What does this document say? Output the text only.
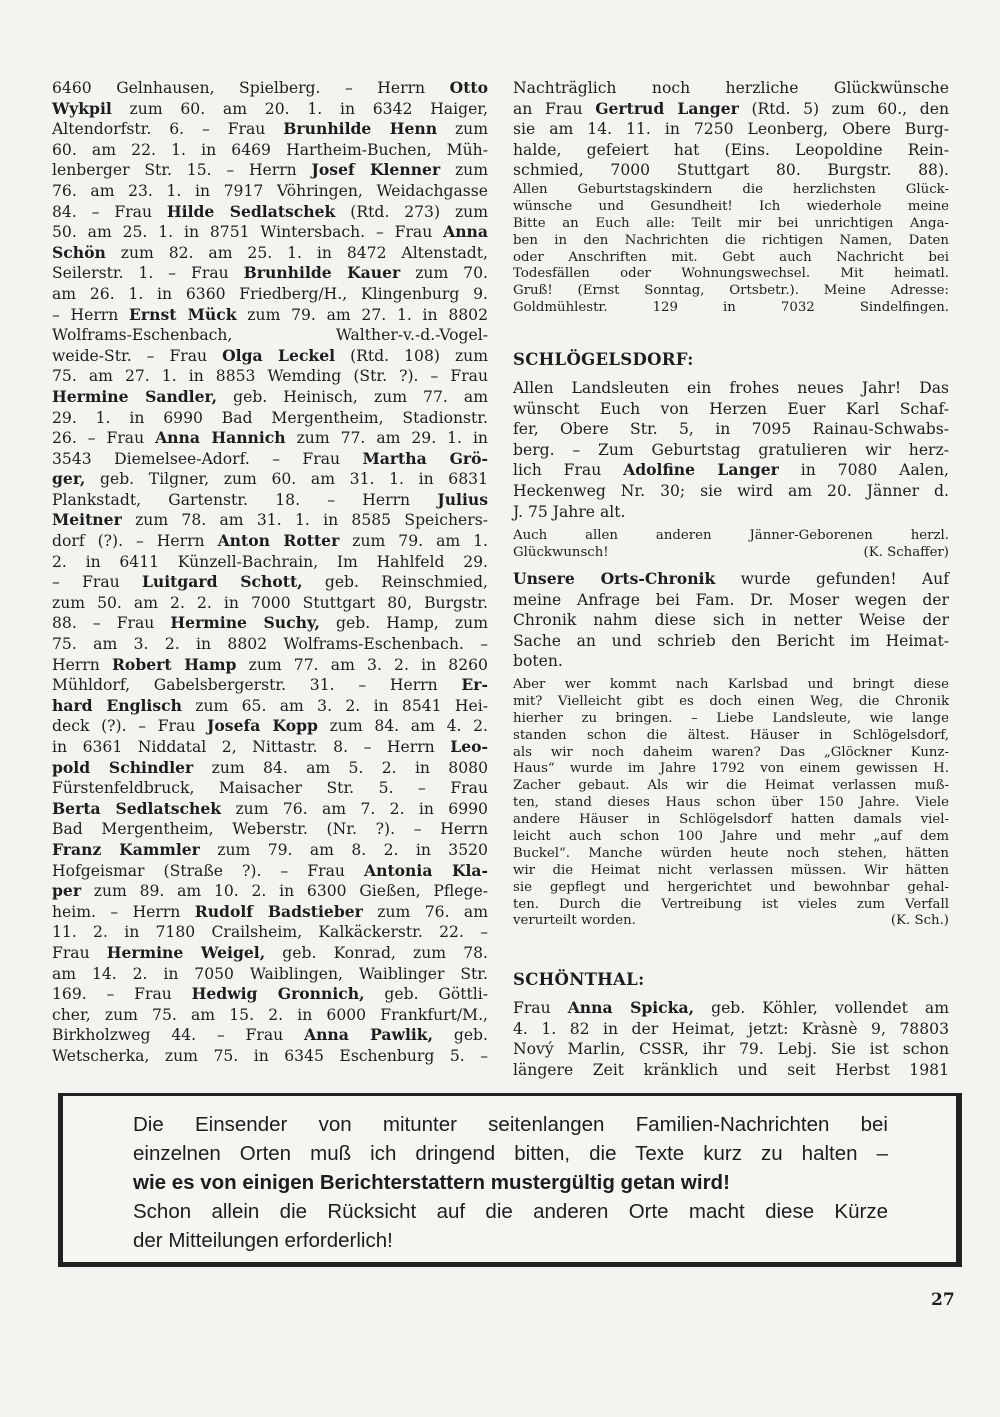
6460 Gelnhausen, Spielberg. – Herrn Otto
Wykpil zum 60. am 20. 1. in 6342 Haiger,
Altendorfstr. 6. – Frau Brunhilde Henn zum
60. am 22. 1. in 6469 Hartheim-Buchen, Müh-
lenberger Str. 15. – Herrn Josef Klenner zum
76. am 23. 1. in 7917 Vöhringen, Weidachgasse
84. – Frau Hilde Sedlatschek (Rtd. 273) zum
50. am 25. 1. in 8751 Wintersbach. – Frau Anna
Schön zum 82. am 25. 1. in 8472 Altenstadt,
Seilerstr. 1. – Frau Brunhilde Kauer zum 70.
am 26. 1. in 6360 Friedberg/H., Klingenburg 9.
– Herrn Ernst Mück zum 79. am 27. 1. in 8802
Wolframs-Eschenbach, Walther-v.-d.-Vogel-
weide-Str. – Frau Olga Leckel (Rtd. 108) zum
75. am 27. 1. in 8853 Wemding (Str. ?). – Frau
Hermine Sandler, geb. Heinisch, zum 77. am
29. 1. in 6990 Bad Mergentheim, Stadionstr.
26. – Frau Anna Hannich zum 77. am 29. 1. in
3543 Diemelsee-Adorf. – Frau Martha Grö-
ger, geb. Tilgner, zum 60. am 31. 1. in 6831
Plankstadt, Gartenstr. 18. – Herrn Julius
Meitner zum 78. am 31. 1. in 8585 Speichers-
dorf (?). – Herrn Anton Rotter zum 79. am 1.
2. in 6411 Künzell-Bachrain, Im Hahlfeld 29.
– Frau Luitgard Schott, geb. Reinschmied,
zum 50. am 2. 2. in 7000 Stuttgart 80, Burgstr.
88. – Frau Hermine Suchy, geb. Hamp, zum
75. am 3. 2. in 8802 Wolframs-Eschenbach. –
Herrn Robert Hamp zum 77. am 3. 2. in 8260
Mühldorf, Gabelsbergerstr. 31. – Herrn Er-
hard Englisch zum 65. am 3. 2. in 8541 Hei-
deck (?). – Frau Josefa Kopp zum 84. am 4. 2.
in 6361 Niddatal 2, Nittastr. 8. – Herrn Leo-
pold Schindler zum 84. am 5. 2. in 8080
Fürstenfeldbruck, Maisacher Str. 5. – Frau
Berta Sedlatschek zum 76. am 7. 2. in 6990
Bad Mergentheim, Weberstr. (Nr. ?). – Herrn
Franz Kammler zum 79. am 8. 2. in 3520
Hofgeismar (Straße ?). – Frau Antonia Kla-
per zum 89. am 10. 2. in 6300 Gießen, Pflege-
heim. – Herrn Rudolf Badstieber zum 76. am
11. 2. in 7180 Crailsheim, Kalkäckerstr. 22. –
Frau Hermine Weigel, geb. Konrad, zum 78.
am 14. 2. in 7050 Waiblingen, Waiblinger Str.
169. – Frau Hedwig Gronnich, geb. Göttli-
cher, zum 75. am 15. 2. in 6000 Frankfurt/M.,
Birkholzweg 44. – Frau Anna Pawlik, geb.
Wetscherka, zum 75. in 6345 Eschenburg 5. –
Nachträglich noch herzliche Glückwünsche
an Frau Gertrud Langer (Rtd. 5) zum 60., den
sie am 14. 11. in 7250 Leonberg, Obere Burg-
halde, gefeiert hat (Eins. Leopoldine Rein-
schmied, 7000 Stuttgart 80. Burgstr. 88).
Allen Geburtstagskindern die herzlichsten Glück-
wünsche und Gesundheit! Ich wiederhole meine
Bitte an Euch alle: Teilt mir bei unrichtigen Anga-
ben in den Nachrichten die richtigen Namen, Daten
oder Anschriften mit. Gebt auch Nachricht bei
Todesfällen oder Wohnungswechsel. Mit heimatl.
Gruß! (Ernst Sonntag, Ortsbetr.). Meine Adresse:
Goldmühlestr. 129 in 7032 Sindelfingen.
SCHLÖGELSDORF:
Allen Landsleuten ein frohes neues Jahr! Das
wünscht Euch von Herzen Euer Karl Schaf-
fer, Obere Str. 5, in 7095 Rainau-Schwabs-
berg. – Zum Geburtstag gratulieren wir herz-
lich Frau Adolfine Langer in 7080 Aalen,
Heckenweg Nr. 30; sie wird am 20. Jänner d.
J. 75 Jahre alt.
Auch allen anderen Jänner-Geborenen herzl.
Glückwunsch!	(K. Schaffer)
Unsere Orts-Chronik wurde gefunden! Auf
meine Anfrage bei Fam. Dr. Moser wegen der
Chronik nahm diese sich in netter Weise der
Sache an und schrieb den Bericht im Heimat-
boten.
Aber wer kommt nach Karlsbad und bringt diese
mit? Vielleicht gibt es doch einen Weg, die Chronik
hierher zu bringen. – Liebe Landsleute, wie lange
standen schon die ältest. Häuser in Schlögelsdorf,
als wir noch daheim waren? Das „Glöckner Kunz-
Haus“ wurde im Jahre 1792 von einem gewissen H.
Zacher gebaut. Als wir die Heimat verlassen muß-
ten, stand dieses Haus schon über 150 Jahre. Viele
andere Häuser in Schlögelsdorf hatten damals viel-
leicht auch schon 100 Jahre und mehr „auf dem
Buckel“. Manche würden heute noch stehen, hätten
wir die Heimat nicht verlassen müssen. Wir hätten
sie gepflegt und hergerichtet und bewohnbar gehal-
ten. Durch die Vertreibung ist vieles zum Verfall
verurteilt worden.	(K. Sch.)
SCHÖNTHAL:
Frau Anna Spicka, geb. Köhler, vollendet am
4. 1. 82 in der Heimat, jetzt: Kràsnè 9, 78803
Nový Marlin, CSSR, ihr 79. Lebj. Sie ist schon
längere Zeit kränklich und seit Herbst 1981
Die Einsender von mitunter seitenlangen Familien-Nachrichten bei
einzelnen Orten muß ich dringend bitten, die Texte kurz zu halten –
wie es von einigen Berichterstattern mustergültig getan wird!
Schon allein die Rücksicht auf die anderen Orte macht diese Kürze
der Mitteilungen erforderlich!
27
